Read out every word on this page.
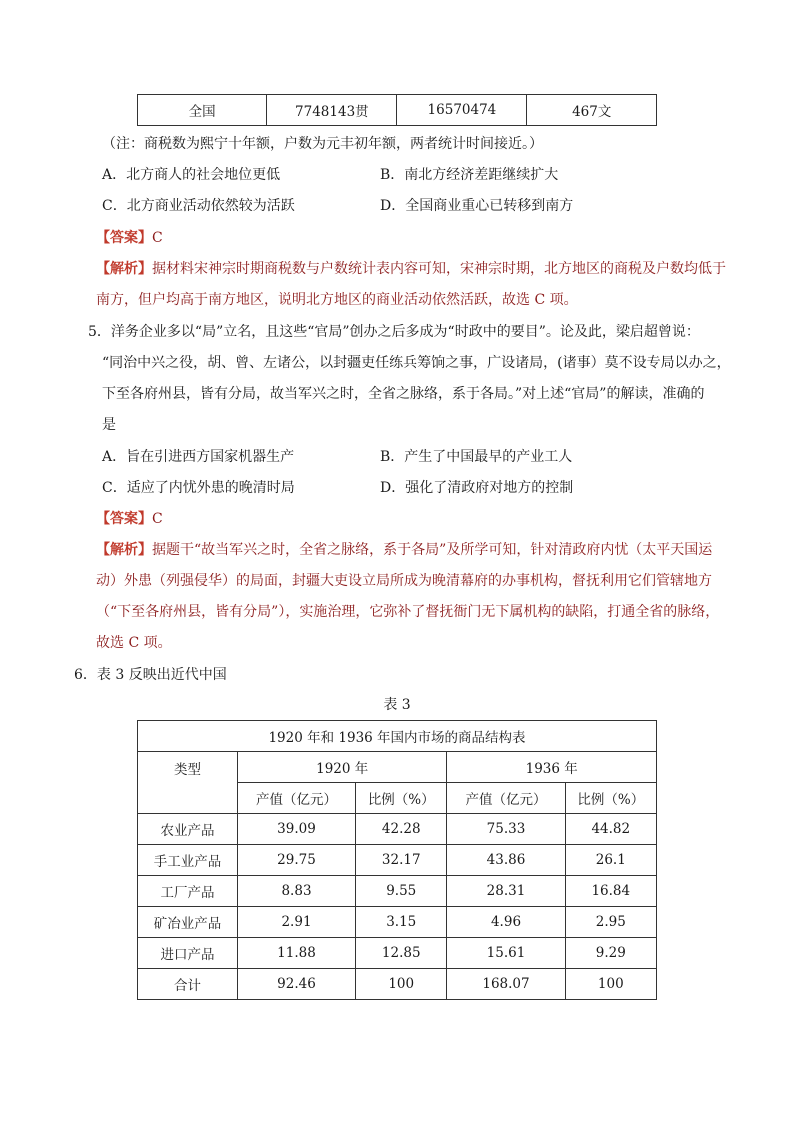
全国	7748143贯	16570474	467文
（注：商税数为熙宁十年额，户数为元丰初年额，两者统计时间接近。）
A．北方商人的社会地位更低	B．南北方经济差距继续扩大
C．北方商业活动依然较为活跃	D．全国商业重心已转移到南方
【答案】C
【解析】据材料宋神宗时期商税数与户数统计表内容可知，宋神宗时期，北方地区的商税及户数均低于
南方，但户均高于南方地区，说明北方地区的商业活动依然活跃，故选 C 项。
5．洋务企业多以“局”立名，且这些“官局”创办之后多成为“时政中的要目”。论及此，梁启超曾说：
“同治中兴之役，胡、曾、左诸公，以封疆吏任练兵筹饷之事，广设诸局，(诸事）莫不设专局以办之，
下至各府州县，皆有分局，故当军兴之时，全省之脉络，系于各局。”对上述“官局”的解读，准确的
是
A．旨在引进西方国家机器生产	B．产生了中国最早的产业工人
C．适应了内忧外患的晚清时局	D．强化了清政府对地方的控制
【答案】C
【解析】据题干“故当军兴之时，全省之脉络，系于各局”及所学可知，针对清政府内忧（太平天国运
动）外患（列强侵华）的局面，封疆大吏设立局所成为晚清幕府的办事机构，督抚利用它们管辖地方
（“下至各府州县，皆有分局”），实施治理，它弥补了督抚衙门无下属机构的缺陷，打通全省的脉络，
故选 C 项。
6．表 3 反映出近代中国
表 3
1920 年和 1936 年国内市场的商品结构表				
类型	1920 年		1936 年	
	产值（亿元）	比例（%）	产值（亿元）	比例（%）
农业产品	39.09	42.28	75.33	44.82
手工业产品	29.75	32.17	43.86	26.1
工厂产品	8.83	9.55	28.31	16.84
矿冶业产品	2.91	3.15	4.96	2.95
进口产品	11.88	12.85	15.61	9.29
合计	92.46	100	168.07	100
